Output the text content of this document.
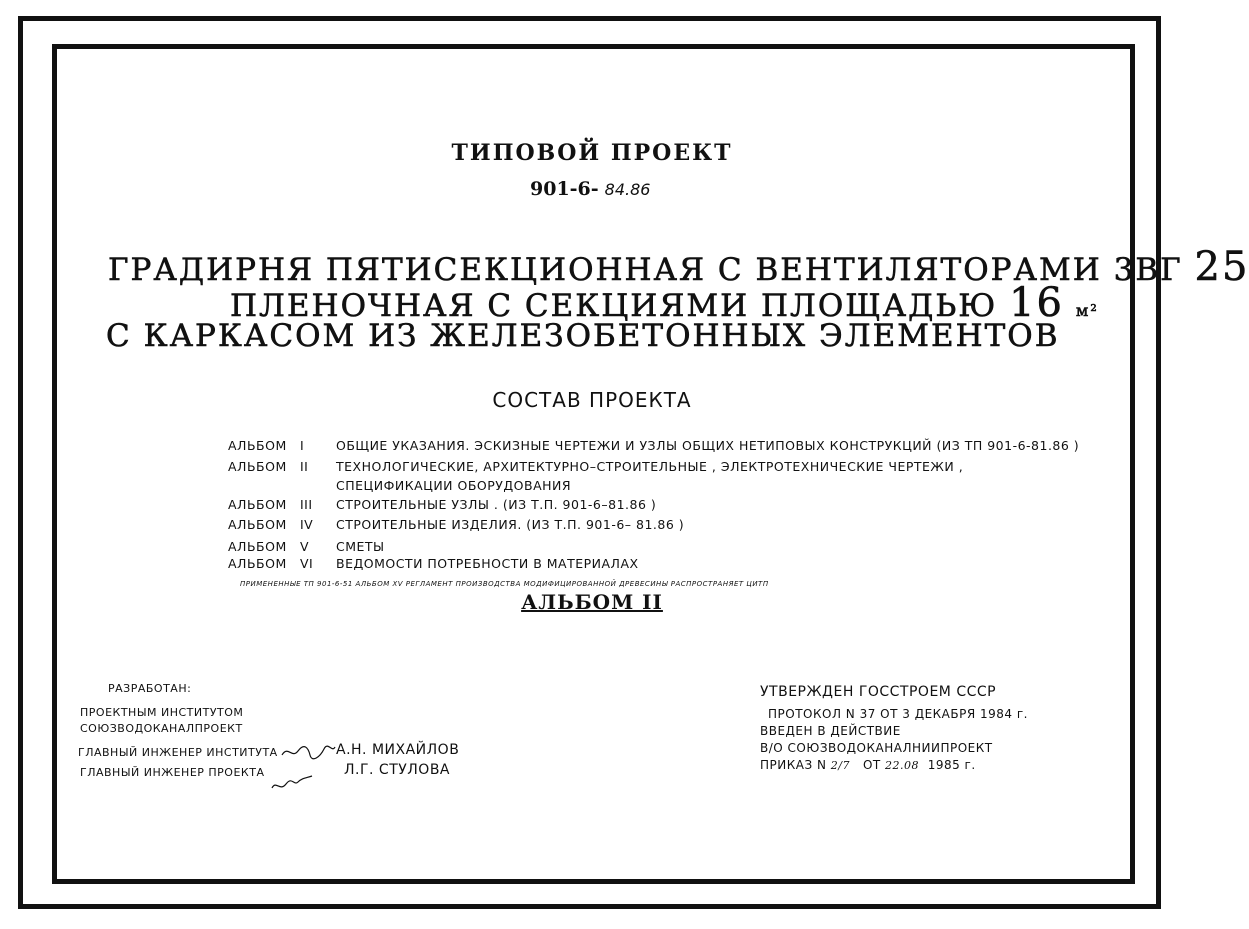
ТИПОВОЙ ПРОЕКТ
901-6- 84.86
ГРАДИРНЯ ПЯТИСЕКЦИОННАЯ С ВЕНТИЛЯТОРАМИ 3ВГ 25
ПЛЕНОЧНАЯ С СЕКЦИЯМИ ПЛОЩАДЬЮ 16 м²
С КАРКАСОМ ИЗ ЖЕЛЕЗОБЕТОННЫХ ЭЛЕМЕНТОВ
СОСТАВ ПРОЕКТА
АЛЬБОМ I	ОБЩИЕ УКАЗАНИЯ. ЭСКИЗНЫЕ ЧЕРТЕЖИ И УЗЛЫ ОБЩИХ НЕТИПОВЫХ КОНСТРУКЦИЙ (ИЗ ТП 901-6-81.86 )
АЛЬБОМ II ТЕХНОЛОГИЧЕСКИЕ, АРХИТЕКТУРНО–СТРОИТЕЛЬНЫЕ , ЭЛЕКТРОТЕХНИЧЕСКИЕ ЧЕРТЕЖИ ,
СПЕЦИФИКАЦИИ ОБОРУДОВАНИЯ
АЛЬБОМ III СТРОИТЕЛЬНЫЕ УЗЛЫ . (ИЗ Т.П. 901-6–81.86 )
АЛЬБОМ IV СТРОИТЕЛЬНЫЕ ИЗДЕЛИЯ. (ИЗ Т.П. 901-6– 81.86 )
АЛЬБОМ V СМЕТЫ
АЛЬБОМ VI ВЕДОМОСТИ ПОТРЕБНОСТИ В МАТЕРИАЛАХ
ПРИМЕНЕННЫЕ ТП 901-6-51 АЛЬБОМ XV РЕГЛАМЕНТ ПРОИЗВОДСТВА МОДИФИЦИРОВАННОЙ ДРЕВЕСИНЫ РАСПРОСТРАНЯЕТ ЦИТП
АЛЬБОМ II
РАЗРАБОТАН:
ПРОЕКТНЫМ ИНСТИТУТОМ
СОЮЗВОДОКАНАЛПРОЕКТ
ГЛАВНЫЙ ИНЖЕНЕР ИНСТИТУТА	А.Н. МИХАЙЛОВ
ГЛАВНЫЙ ИНЖЕНЕР ПРОЕКТА	Л.Г. СТУЛОВА
УТВЕРЖДЕН ГОССТРОЕМ СССР
ПРОТОКОЛ N 37 ОТ 3 ДЕКАБРЯ 1984 г.
ВВЕДЕН В ДЕЙСТВИЕ
В/О СОЮЗВОДОКАНАЛНИИПРОЕКТ
ПРИКАЗ N 2/7 ОТ 22.08 1985 г.
